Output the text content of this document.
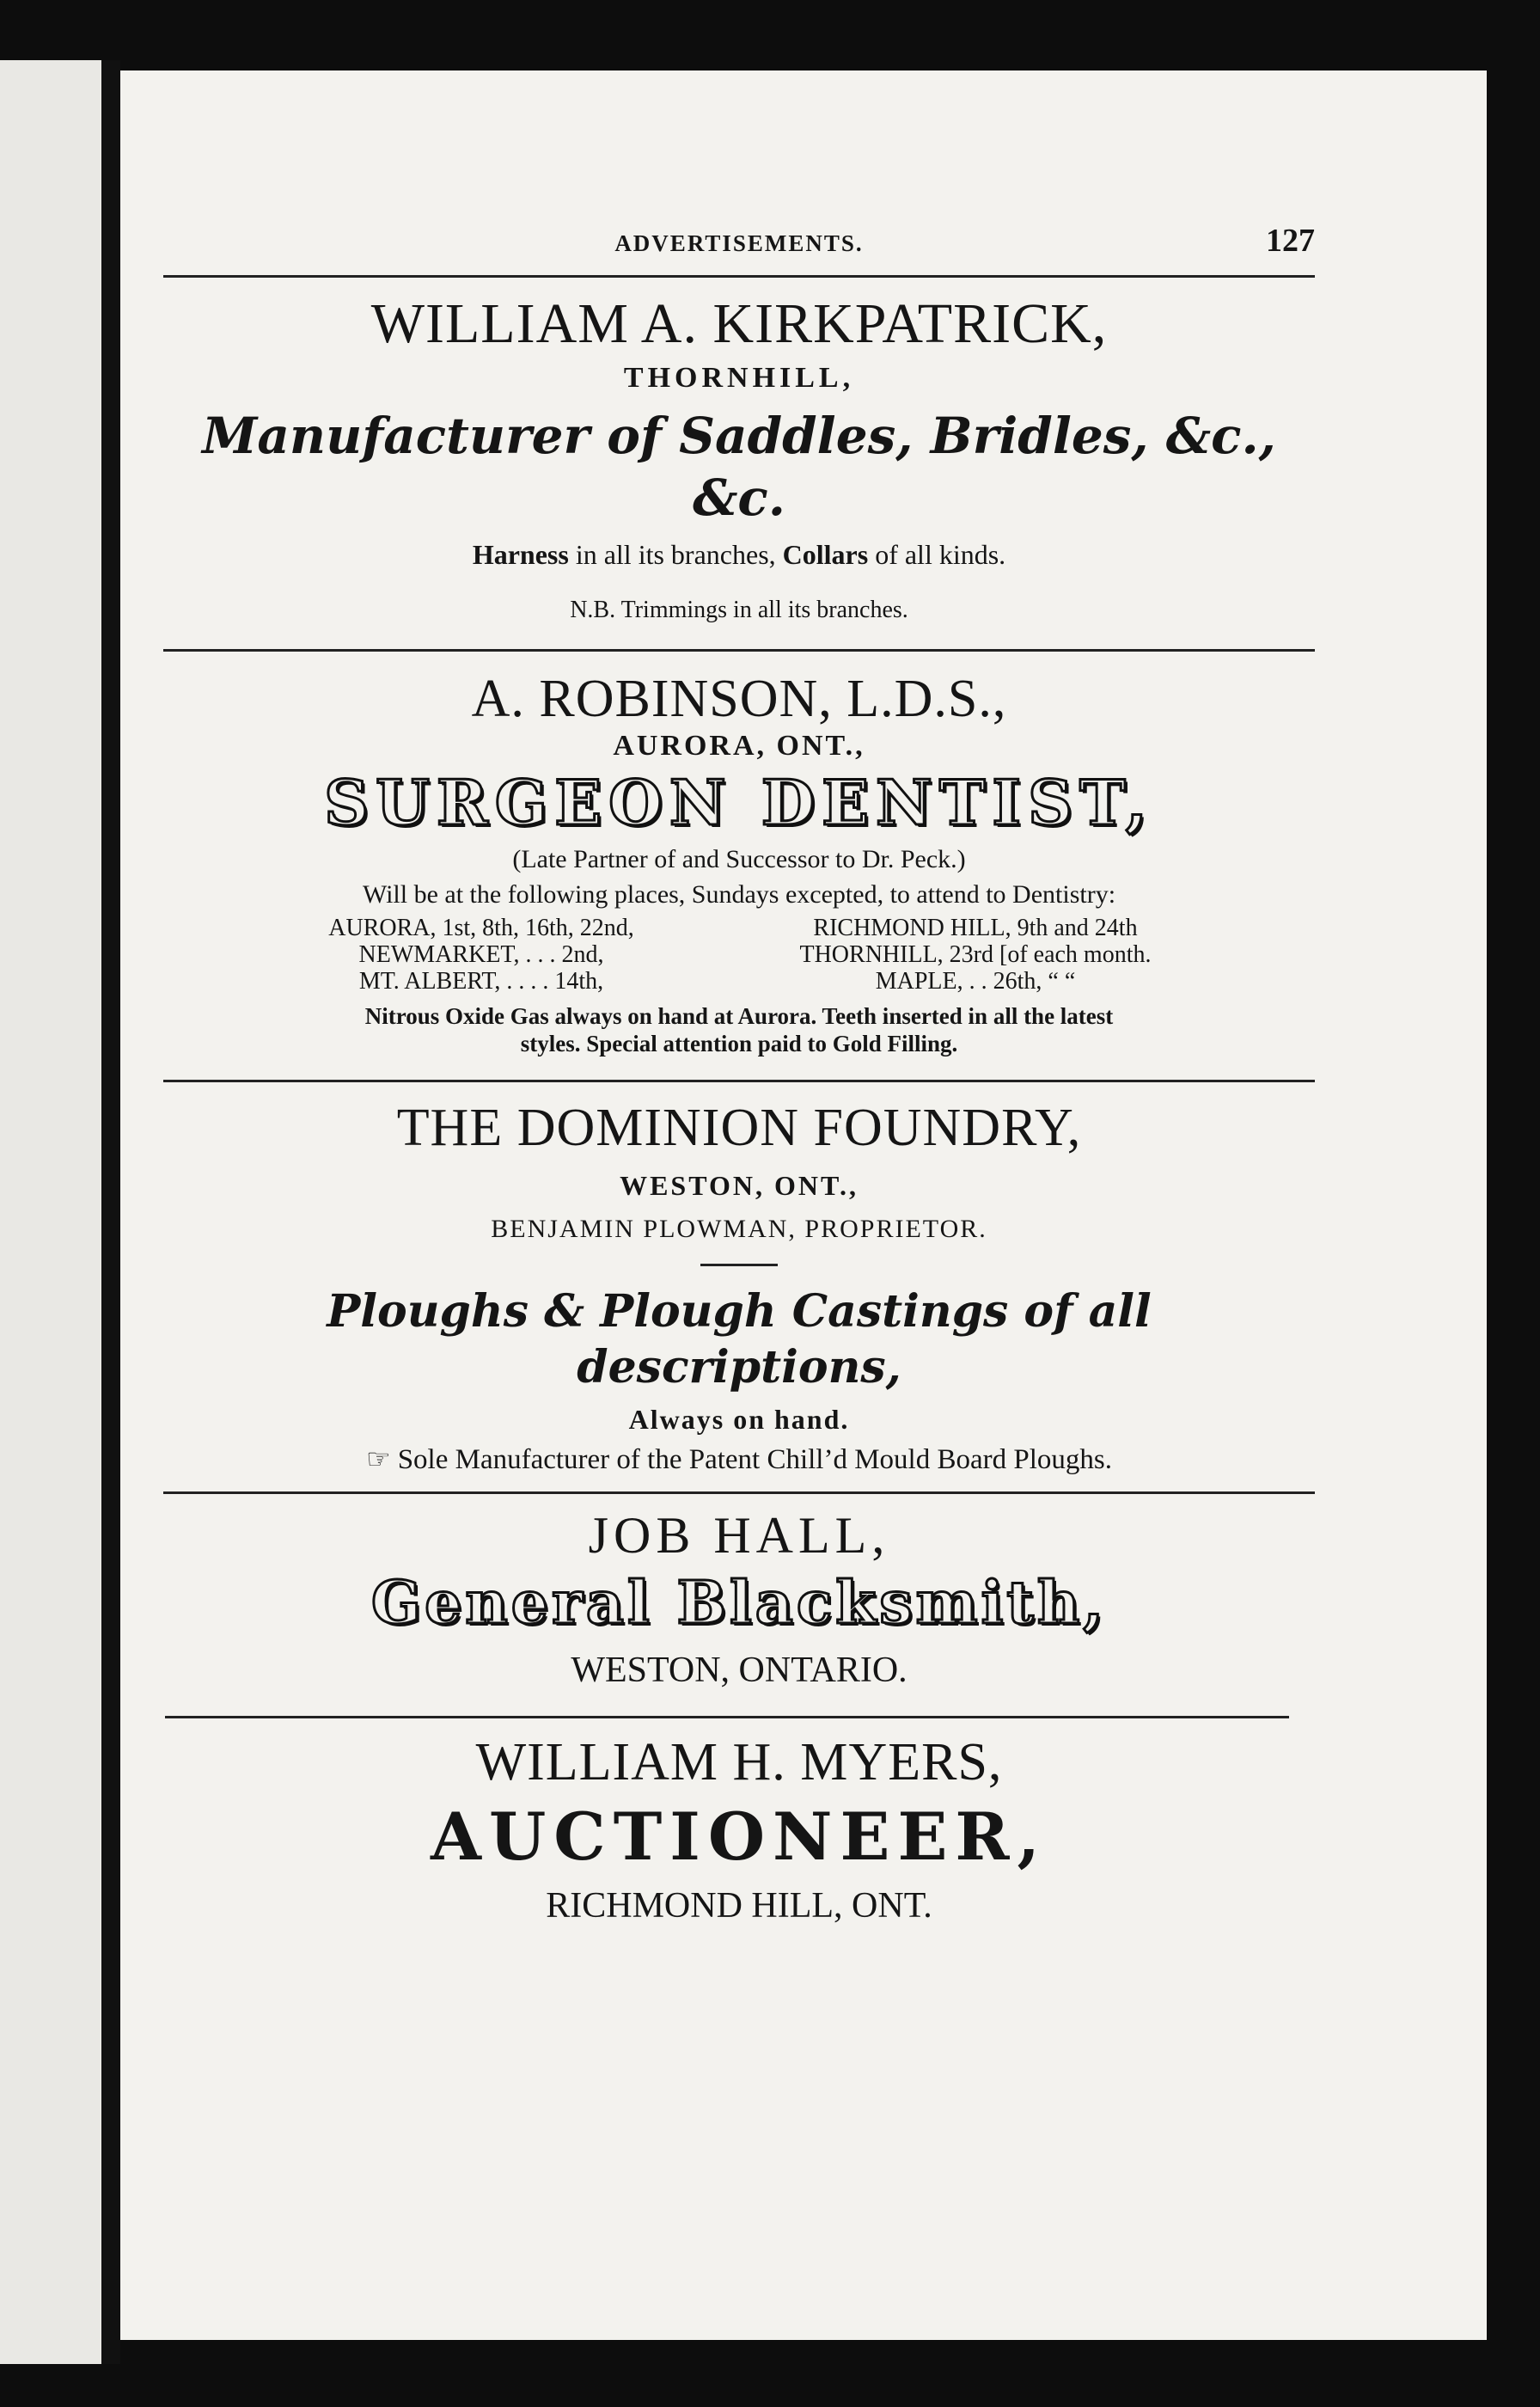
ADVERTISEMENTS.	127
WILLIAM A. KIRKPATRICK,
THORNHILL,
Manufacturer of Saddles, Bridles, &c., &c.
Harness in all its branches, Collars of all kinds.
N.B. Trimmings in all its branches.
A. ROBINSON, L.D.S.,
AURORA, ONT.,
SURGEON DENTIST,
(Late Partner of and Successor to Dr. Peck.)
Will be at the following places, Sundays excepted, to attend to Dentistry:
AURORA, 1st, 8th, 16th, 22nd,	RICHMOND HILL, 9th and 24th
NEWMARKET, . . . 2nd,	THORNHILL, 23rd [of each month.
MT. ALBERT, . . . . 14th,	MAPLE, . . 26th, “ “
Nitrous Oxide Gas always on hand at Aurora. Teeth inserted in all the latest
styles. Special attention paid to Gold Filling.
THE DOMINION FOUNDRY,
WESTON, ONT.,
BENJAMIN PLOWMAN, PROPRIETOR.
Ploughs & Plough Castings of all descriptions,
Always on hand.
☞ Sole Manufacturer of the Patent Chill’d Mould Board Ploughs.
JOB HALL,
General Blacksmith,
WESTON, ONTARIO.
WILLIAM H. MYERS,
AUCTIONEER,
RICHMOND HILL, ONT.
